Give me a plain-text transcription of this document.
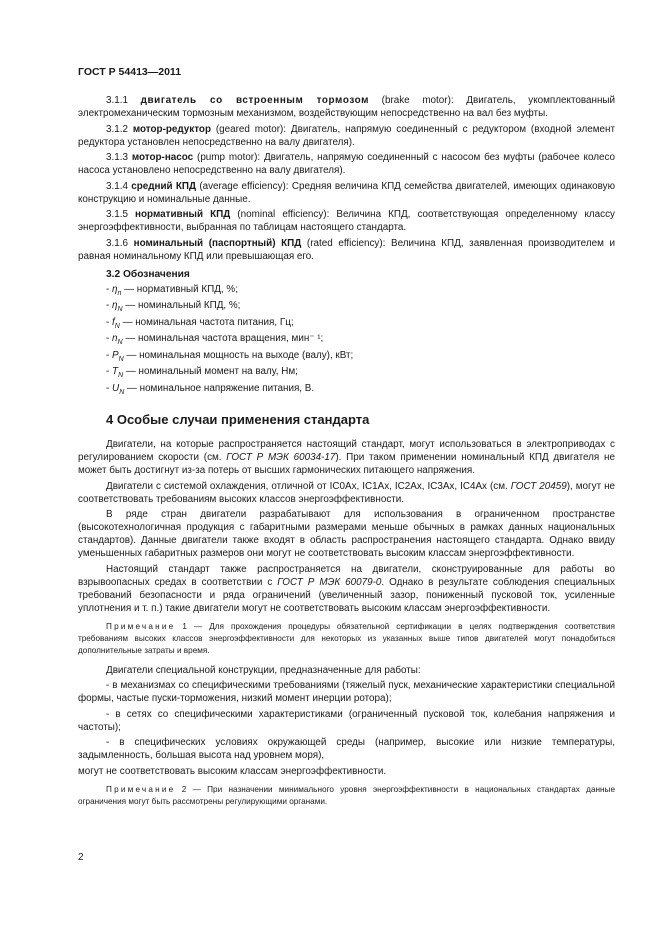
ГОСТ Р 54413—2011

3.1.1 двигатель со встроенным тормозом (brake motor): Двигатель, укомплектованный электромеханическим тормозным механизмом, воздействующим непосредственно на вал без муфты.

3.1.2 мотор-редуктор (geared motor): Двигатель, напрямую соединенный с редуктором (входной элемент редуктора установлен непосредственно на валу двигателя).

3.1.3 мотор-насос (pump motor): Двигатель, напрямую соединенный с насосом без муфты (рабочее колесо насоса установлено непосредственно на валу двигателя).

3.1.4 средний КПД (average efficiency): Средняя величина КПД семейства двигателей, имеющих одинаковую конструкцию и номинальные данные.

3.1.5 нормативный КПД (nominal efficiency): Величина КПД, соответствующая определенному классу энергоэффективности, выбранная по таблицам настоящего стандарта.

3.1.6 номинальный (паспортный) КПД (rated efficiency): Величина КПД, заявленная производителем и равная номинальному КПД или превышающая его.

3.2 Обозначения
- $\eta_n$ — нормативный КПД, %;
- $\eta_N$ — номинальный КПД, %;
- $f_N$ — номинальная частота питания, Гц;
- $n_N$ — номинальная частота вращения, мин⁻ ¹;
- $P_N$ — номинальная мощность на выходе (валу), кВт;
- $T_N$ — номинальный момент на валу, Нм;
- $U_N$ — номинальное напряжение питания, В.
4 Особые случаи применения стандарта

Двигатели, на которые распространяется настоящий стандарт, могут использоваться в электроприводах с регулированием скорости (см. ГОСТ Р МЭК 60034-17). При таком применении номинальный КПД двигателя не может быть достигнут из-за потерь от высших гармонических питающего напряжения.

Двигатели с системой охлаждения, отличной от IC0Ax, IC1Ax, IC2Ax, IC3Ax, IC4Ax (см. ГОСТ 20459), могут не соответствовать требованиям высоких классов энергоэффективности.

В ряде стран двигатели разрабатывают для использования в ограниченном пространстве (высокотехнологичная продукция с габаритными размерами меньше обычных в рамках данных национальных стандартов). Данные двигатели также входят в область распространения настоящего стандарта. Однако ввиду уменьшенных габаритных размеров они могут не соответствовать высоким классам энергоэффективности.

Настоящий стандарт также распространяется на двигатели, сконструированные для работы во взрывоопасных средах в соответствии с ГОСТ Р МЭК 60079-0. Однако в результате соблюдения специальных требований безопасности и ряда ограничений (увеличенный зазор, пониженный пусковой ток, усиленные уплотнения и т. п.) такие двигатели могут не соответствовать высоким классам энергоэффективности.

Примечание 1 — Для прохождения процедуры обязательной сертификации в целях подтверждения соответствия требованиям высоких классов энергоэффективности для некоторых из указанных выше типов двигателей могут понадобиться дополнительные затраты и время.

Двигатели специальной конструкции, предназначенные для работы:

- в механизмах со специфическими требованиями (тяжелый пуск, механические характеристики специальной формы, частые пуски-торможения, низкий момент инерции ротора);

- в сетях со специфическими характеристиками (ограниченный пусковой ток, колебания напряжения и частоты);

- в специфических условиях окружающей среды (например, высокие или низкие температуры, задымленность, большая высота над уровнем моря),

могут не соответствовать высоким классам энергоэффективности.

Примечание 2 — При назначении минимального уровня энергоэффективности в национальных стандартах данные ограничения могут быть рассмотрены регулирующими органами.

2
